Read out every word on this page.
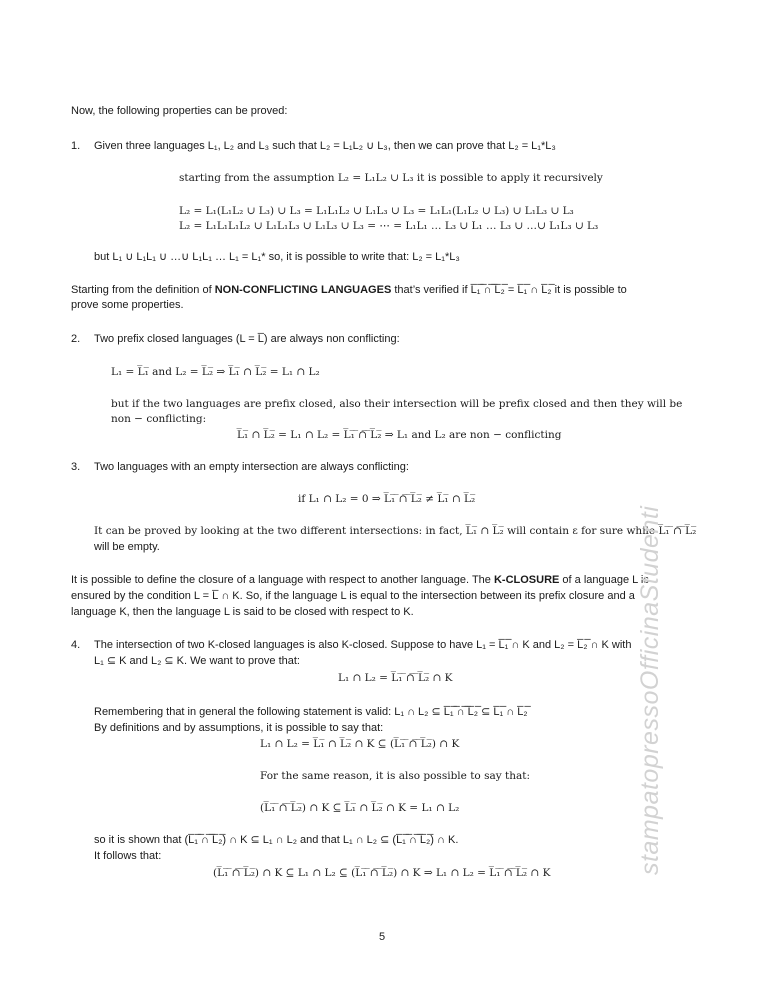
Now, the following properties can be proved:
1. Given three languages L₁, L₂ and L₃ such that L₂ = L₁L₂ ∪ L₃, then we can prove that L₂ = L₁*L₃
starting from the assumption L₂ = L₁L₂ ∪ L₃ it is possible to apply it recursively
L₂ = L₁(L₁L₂ ∪ L₃) ∪ L₃ = L₁L₁L₂ ∪ L₁L₃ ∪ L₃ = L₁L₁(L₁L₂ ∪ L₃) ∪ L₁L₃ ∪ L₃
L₂ = L₁L₁L₁L₂ ∪ L₁L₁L₃ ∪ L₁L₃ ∪ L₃ = ⋯ = L₁L₁ … L₃ ∪ L₁ … L₃ ∪ …∪ L₁L₃ ∪ L₃
but L₁ ∪ L₁L₁ ∪ …∪ L₁L₁ … L₁ = L₁* so, it is possible to write that: L₂ = L₁*L₃
Starting from the definition of NON-CONFLICTING LANGUAGES that’s verified if L̅₁̅ ̅∩̅ ̅L̅₂̅ = L̅₁̅ ∩ L̅₂̅ it is possible to
prove some properties.
2. Two prefix closed languages (L = L̅) are always non conflicting:
L₁ = L̅₁̅ and L₂ = L̅₂̅ ⇒ L̅₁̅ ∩ L̅₂̅ = L₁ ∩ L₂
but if the two languages are prefix closed, also their intersection will be prefix closed and then they will be
non − conflicting:
L̅₁̅ ∩ L̅₂̅ = L₁ ∩ L₂ = L̅₁̅ ̅∩̅ ̅L̅₂̅ ⇒ L₁ and L₂ are non − conflicting
3. Two languages with an empty intersection are always conflicting:
if L₁ ∩ L₂ = 0 ⇒ L̅₁̅ ̅∩̅ ̅L̅₂̅ ≠ L̅₁̅ ∩ L̅₂̅
It can be proved by looking at the two different intersections: in fact, L̅₁̅ ∩ L̅₂̅ will contain ε for sure while L̅₁̅ ̅∩̅ ̅L̅₂̅
will be empty.
It is possible to define the closure of a language with respect to another language. The K-CLOSURE of a language L is
ensured by the condition L = L̅ ∩ K. So, if the language L is equal to the intersection between its prefix closure and a
language K, then the language L is said to be closed with respect to K.
4. The intersection of two K-closed languages is also K-closed. Suppose to have L₁ = L̅₁̅ ∩ K and L₂ = L̅₂̅ ∩ K with
L₁ ⊆ K and L₂ ⊆ K. We want to prove that:
L₁ ∩ L₂ = L̅₁̅ ̅∩̅ ̅L̅₂̅ ∩ K
Remembering that in general the following statement is valid: L₁ ∩ L₂ ⊆ L̅₁̅ ̅∩̅ ̅L̅₂̅ ⊆ L̅₁̅ ∩ L̅₂̅
By definitions and by assumptions, it is possible to say that:
L₁ ∩ L₂ = L̅₁̅ ∩ L̅₂̅ ∩ K ⊆ (L̅₁̅ ̅∩̅ ̅L̅₂̅) ∩ K
For the same reason, it is also possible to say that:
(L̅₁̅ ̅∩̅ ̅L̅₂̅) ∩ K ⊆ L̅₁̅ ∩ L̅₂̅ ∩ K = L₁ ∩ L₂
so it is shown that (L̅₁̅ ̅∩̅ ̅L̅₂̅) ∩ K ⊆ L₁ ∩ L₂ and that L₁ ∩ L₂ ⊆ (L̅₁̅ ̅∩̅ ̅L̅₂̅) ∩ K.
It follows that:
(L̅₁̅ ̅∩̅ ̅L̅₂̅) ∩ K ⊆ L₁ ∩ L₂ ⊆ (L̅₁̅ ̅∩̅ ̅L̅₂̅) ∩ K ⇒ L₁ ∩ L₂ = L̅₁̅ ̅∩̅ ̅L̅₂̅ ∩ K
5
stampatopressoOfficinaStudenti
